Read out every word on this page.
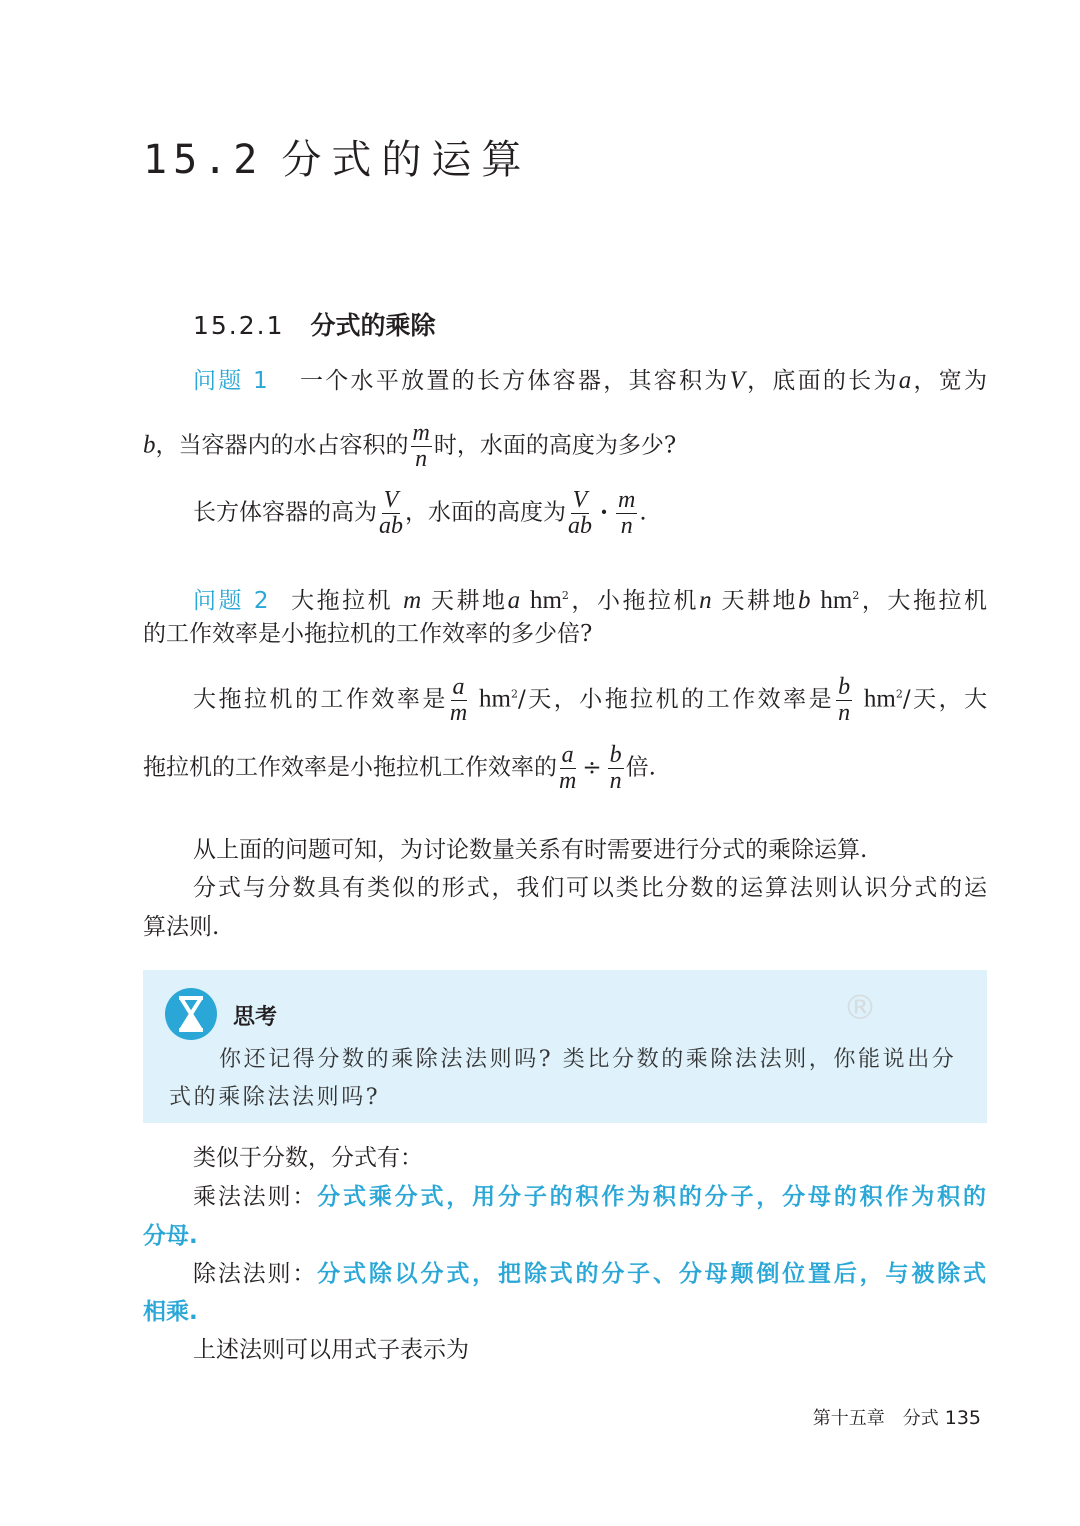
15.2 分式的运算
15.2.1 分式的乘除
问题 1 一个水平放置的长方体容器，其容积为V，底面的长为a，宽为
b，当容器内的水占容积的 $\frac{m}{n}$ 时，水面的高度为多少?
长方体容器的高为 $\frac{V}{ab}$ ，水面的高度为 $\frac{V}{ab} \cdot \frac{m}{n}$ .
问题 2 大拖拉机 m 天耕地a $hm^2$，小拖拉机n 天耕地b $hm^2$，大拖拉机
的工作效率是小拖拉机的工作效率的多少倍?
大拖拉机的工作效率是 $\frac{a}{m} hm^2/$天，小拖拉机的工作效率是 $\frac{b}{n} hm^2/$天，大
拖拉机的工作效率是小拖拉机工作效率的 $\frac{a}{m} \div \frac{b}{n}$ 倍.
从上面的问题可知，为讨论数量关系有时需要进行分式的乘除运算.
分式与分数具有类似的形式，我们可以类比分数的运算法则认识分式的运
算法则.
®
思考
你还记得分数的乘除法法则吗? 类比分数的乘除法法则，你能说出分
式的乘除法法则吗?
类似于分数，分式有：
乘法法则：分式乘分式，用分子的积作为积的分子，分母的积作为积的
分母.
除法法则：分式除以分式，把除式的分子、分母颠倒位置后，与被除式
相乘.
上述法则可以用式子表示为
第十五章　分式 135
